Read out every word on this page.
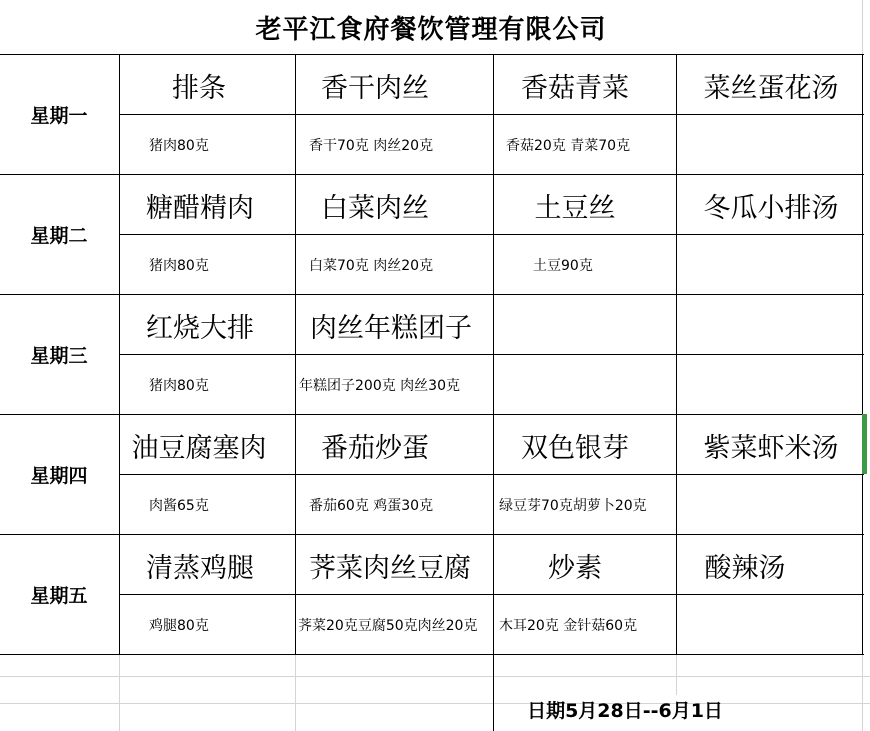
老平江食府餐饮管理有限公司
星期一
排条	香干肉丝	香菇青菜	菜丝蛋花汤
猪肉80克	香干70克 肉丝20克	香菇20克 青菜70克
星期二
糖醋精肉	白菜肉丝	土豆丝	冬瓜小排汤
猪肉80克	白菜70克 肉丝20克	土豆90克
星期三
红烧大排	肉丝年糕团子
猪肉80克	年糕团子200克 肉丝30克
星期四
油豆腐塞肉	番茄炒蛋	双色银芽	紫菜虾米汤
肉酱65克	番茄60克 鸡蛋30克	绿豆芽70克胡萝卜20克
星期五
清蒸鸡腿	荠菜肉丝豆腐	炒素	酸辣汤
鸡腿80克	荠菜20克豆腐50克肉丝20克	木耳20克 金针菇60克
日期5月28日--6月1日
